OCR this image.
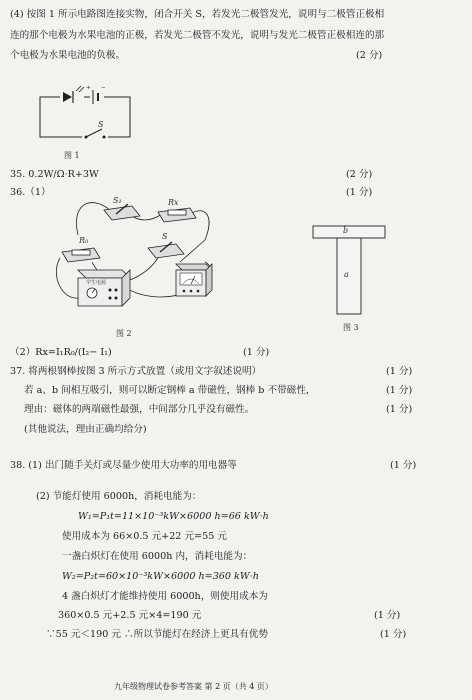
(4) 按图 1 所示电路图连接实物，闭合开关 S，若发光二极管发光，说明与二极管正极相
连的那个电极为水果电池的正极，若发光二极管不发光，说明与发光二极管正极相连的那
个电极为水果电池的负极。	(2 分)
+ −
S
图 1
35. 0.2W/Ω·R+3W	(2 分)
36.（1）	(1 分)
S₁	Rx
R₀	S
学生电源
图 2
b
a
图 3
（2）Rx=I₁R₀/(I₂− I₁)	(1 分)
37. 将两根钢棒按图 3 所示方式放置（或用文字叙述说明）	(1 分)
若 a、b 间相互吸引，则可以断定钢棒 a 带磁性，钢棒 b 不带磁性，	(1 分)
理由：磁体的两端磁性最强，中间部分几乎没有磁性。	(1 分)
(其他说法，理由正确均给分)
38. (1) 出门随手关灯或尽量少使用大功率的用电器等	(1 分)
(2) 节能灯使用 6000h，消耗电能为：
W₁=P₁t=11×10⁻³kW×6000 h=66 kW·h
使用成本为 66×0.5 元+22 元=55 元
一盏白炽灯在使用 6000h 内，消耗电能为：
W₂=P₂t=60×10⁻³kW×6000 h=360 kW·h
4 盏白炽灯才能维持使用 6000h，则使用成本为
360×0.5 元+2.5 元×4=190 元	(1 分)
∵55 元＜190 元 ∴所以节能灯在经济上更具有优势	(1 分)
九年级物理试卷参考答案 第 2 页（共 4 页）
